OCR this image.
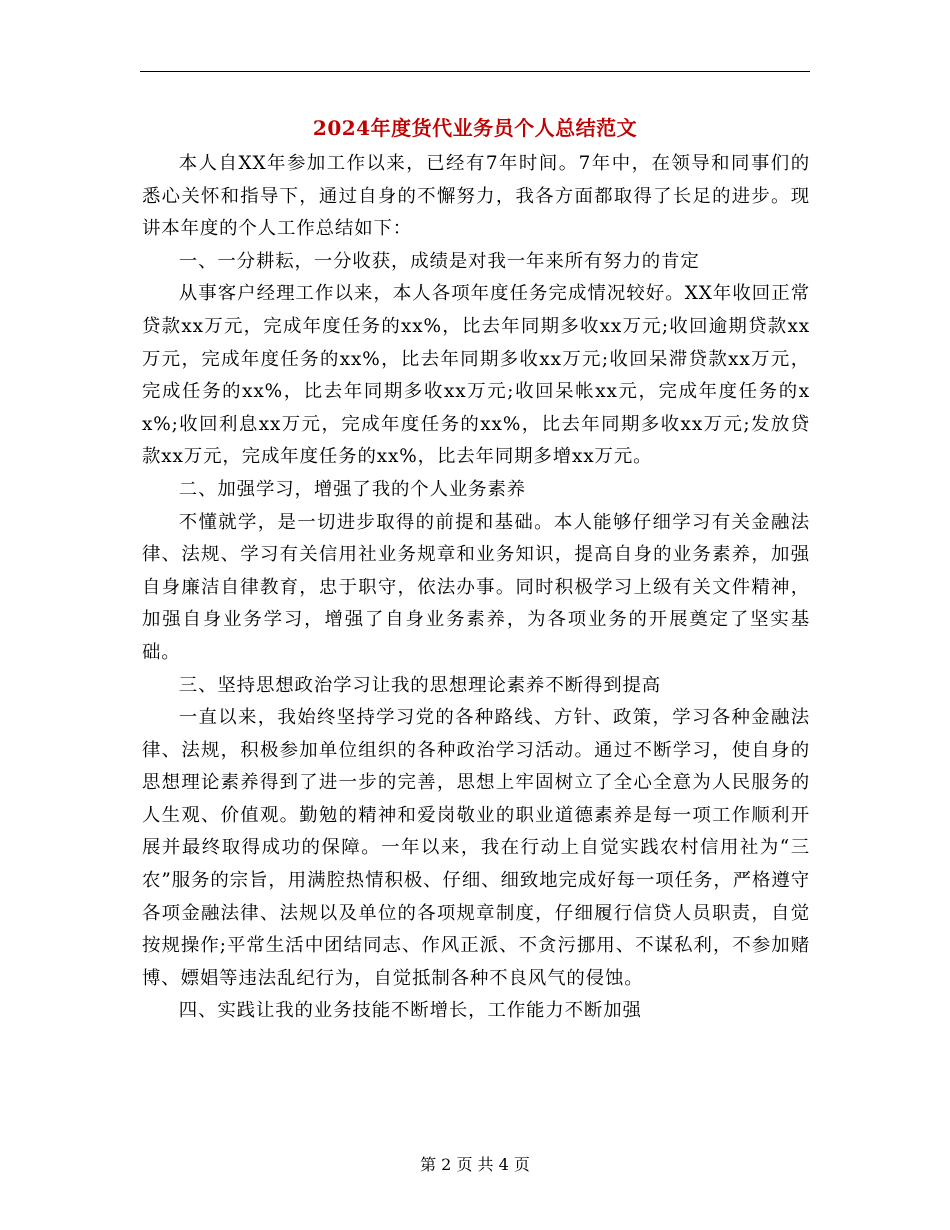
2024年度货代业务员个人总结范文

本人自XX年参加工作以来，已经有7年时间。7年中，在领导和同事们的悉心关怀和指导下，通过自身的不懈努力，我各方面都取得了长足的进步。现讲本年度的个人工作总结如下：

一、一分耕耘，一分收获，成绩是对我一年来所有努力的肯定

从事客户经理工作以来，本人各项年度任务完成情况较好。XX年收回正常贷款xx万元，完成年度任务的xx%，比去年同期多收xx万元;收回逾期贷款xx万元，完成年度任务的xx%，比去年同期多收xx万元;收回呆滞贷款xx万元，完成任务的xx%，比去年同期多收xx万元;收回呆帐xx元，完成年度任务的xx%;收回利息xx万元，完成年度任务的xx%，比去年同期多收xx万元;发放贷款xx万元，完成年度任务的xx%，比去年同期多增xx万元。

二、加强学习，增强了我的个人业务素养

不懂就学，是一切进步取得的前提和基础。本人能够仔细学习有关金融法律、法规、学习有关信用社业务规章和业务知识，提高自身的业务素养，加强自身廉洁自律教育，忠于职守，依法办事。同时积极学习上级有关文件精神，加强自身业务学习，增强了自身业务素养，为各项业务的开展奠定了坚实基础。

三、坚持思想政治学习让我的思想理论素养不断得到提高

一直以来，我始终坚持学习党的各种路线、方针、政策，学习各种金融法律、法规，积极参加单位组织的各种政治学习活动。通过不断学习，使自身的思想理论素养得到了进一步的完善，思想上牢固树立了全心全意为人民服务的人生观、价值观。勤勉的精神和爱岗敬业的职业道德素养是每一项工作顺利开展并最终取得成功的保障。一年以来，我在行动上自觉实践农村信用社为“三农”服务的宗旨，用满腔热情积极、仔细、细致地完成好每一项任务，严格遵守各项金融法律、法规以及单位的各项规章制度，仔细履行信贷人员职责，自觉按规操作;平常生活中团结同志、作风正派、不贪污挪用、不谋私利，不参加赌博、嫖娼等违法乱纪行为，自觉抵制各种不良风气的侵蚀。

四、实践让我的业务技能不断增长，工作能力不断加强

第 2 页 共 4 页
